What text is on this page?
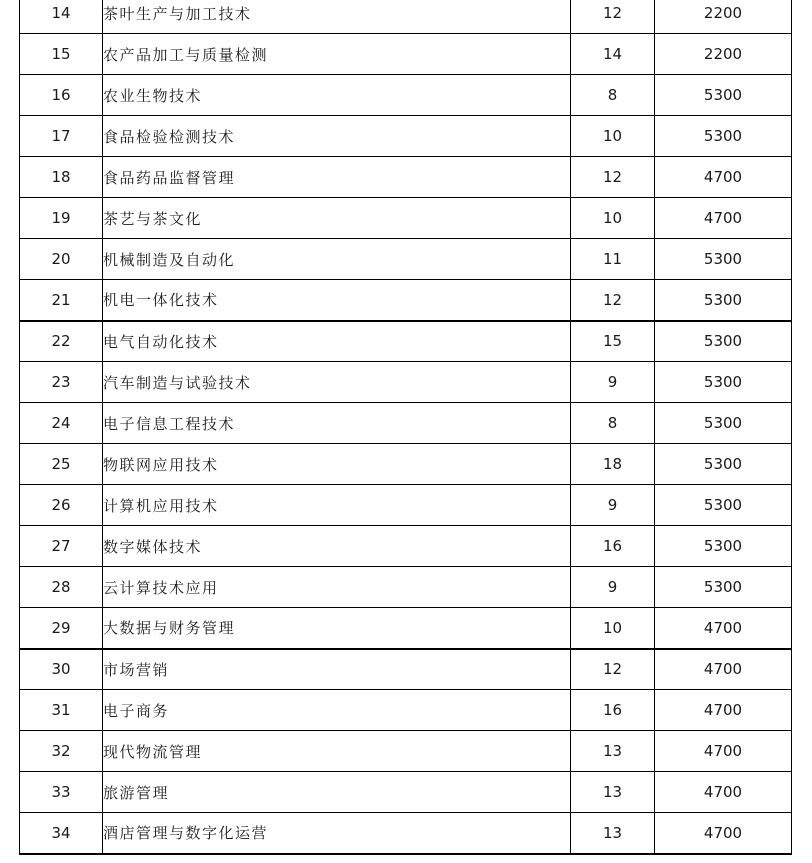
14	茶叶生产与加工技术	12	2200
15	农产品加工与质量检测	14	2200
16	农业生物技术	8	5300
17	食品检验检测技术	10	5300
18	食品药品监督管理	12	4700
19	茶艺与茶文化	10	4700
20	机械制造及自动化	11	5300
21	机电一体化技术	12	5300
22	电气自动化技术	15	5300
23	汽车制造与试验技术	9	5300
24	电子信息工程技术	8	5300
25	物联网应用技术	18	5300
26	计算机应用技术	9	5300
27	数字媒体技术	16	5300
28	云计算技术应用	9	5300
29	大数据与财务管理	10	4700
30	市场营销	12	4700
31	电子商务	16	4700
32	现代物流管理	13	4700
33	旅游管理	13	4700
34	酒店管理与数字化运营	13	4700
